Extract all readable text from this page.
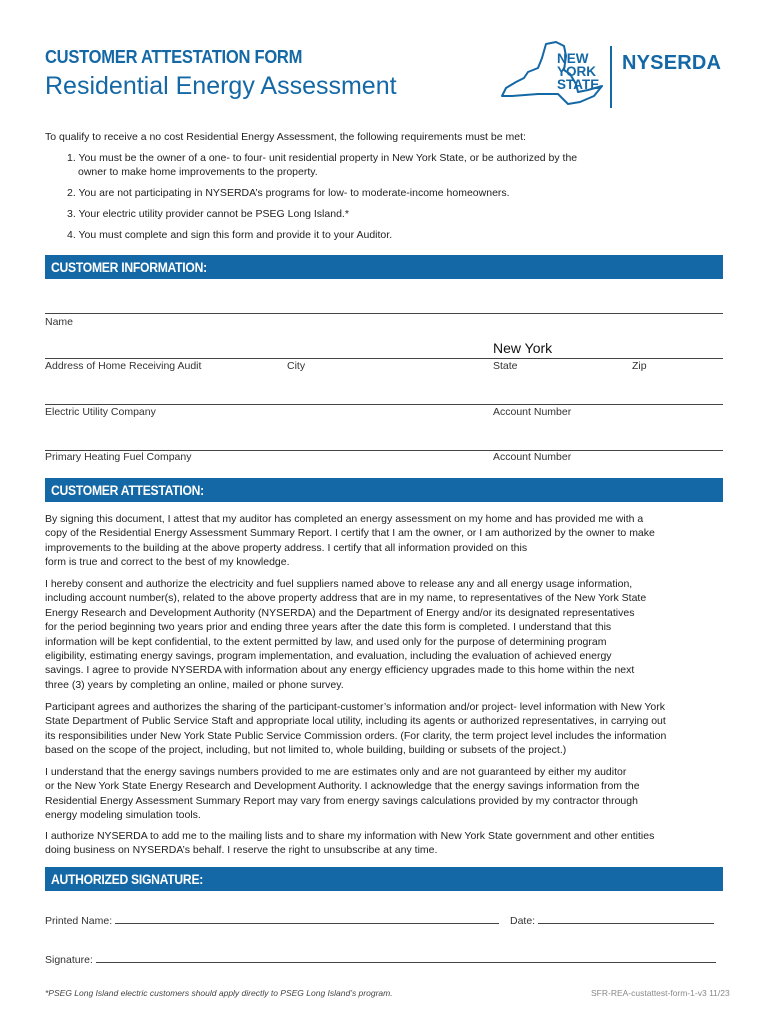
CUSTOMER ATTESTATION FORM
Residential Energy Assessment
NEW
YORK
STATE
NYSERDA
To qualify to receive a no cost Residential Energy Assessment, the following requirements must be met:
1. You must be the owner of a one- to four- unit residential property in New York State, or be authorized by the
owner to make home improvements to the property.
2. You are not participating in NYSERDA’s programs for low- to moderate-income homeowners.
3. Your electric utility provider cannot be PSEG Long Island.*
4. You must complete and sign this form and provide it to your Auditor.
CUSTOMER INFORMATION:
Name
New York
Address of Home Receiving Audit	City	State	Zip
Electric Utility Company	Account Number
Primary Heating Fuel Company	Account Number
CUSTOMER ATTESTATION:
By signing this document, I attest that my auditor has completed an energy assessment on my home and has provided me with a
copy of the Residential Energy Assessment Summary Report. I certify that I am the owner, or I am authorized by the owner to make
improvements to the building at the above property address. I certify that all information provided on this
form is true and correct to the best of my knowledge.
I hereby consent and authorize the electricity and fuel suppliers named above to release any and all energy usage information,
including account number(s), related to the above property address that are in my name, to representatives of the New York State
Energy Research and Development Authority (NYSERDA) and the Department of Energy and/or its designated representatives
for the period beginning two years prior and ending three years after the date this form is completed. I understand that this
information will be kept confidential, to the extent permitted by law, and used only for the purpose of determining program
eligibility, estimating energy savings, program implementation, and evaluation, including the evaluation of achieved energy
savings. I agree to provide NYSERDA with information about any energy efficiency upgrades made to this home within the next
three (3) years by completing an online, mailed or phone survey.
Participant agrees and authorizes the sharing of the participant-customer’s information and/or project- level information with New York
State Department of Public Service Staft and appropriate local utility, including its agents or authorized representatives, in carrying out
its responsibilities under New York State Public Service Commission orders. (For clarity, the term project level includes the information
based on the scope of the project, including, but not limited to, whole building, building or subsets of the project.)
I understand that the energy savings numbers provided to me are estimates only and are not guaranteed by either my auditor
or the New York State Energy Research and Development Authority. I acknowledge that the energy savings information from the
Residential Energy Assessment Summary Report may vary from energy savings calculations provided by my contractor through
energy modeling simulation tools.
I authorize NYSERDA to add me to the mailing lists and to share my information with New York State government and other entities
doing business on NYSERDA’s behalf. I reserve the right to unsubscribe at any time.
AUTHORIZED SIGNATURE:
Printed Name:	Date:
Signature:
*PSEG Long Island electric customers should apply directly to PSEG Long Island’s program.	SFR-REA-custattest-form-1-v3 11/23
